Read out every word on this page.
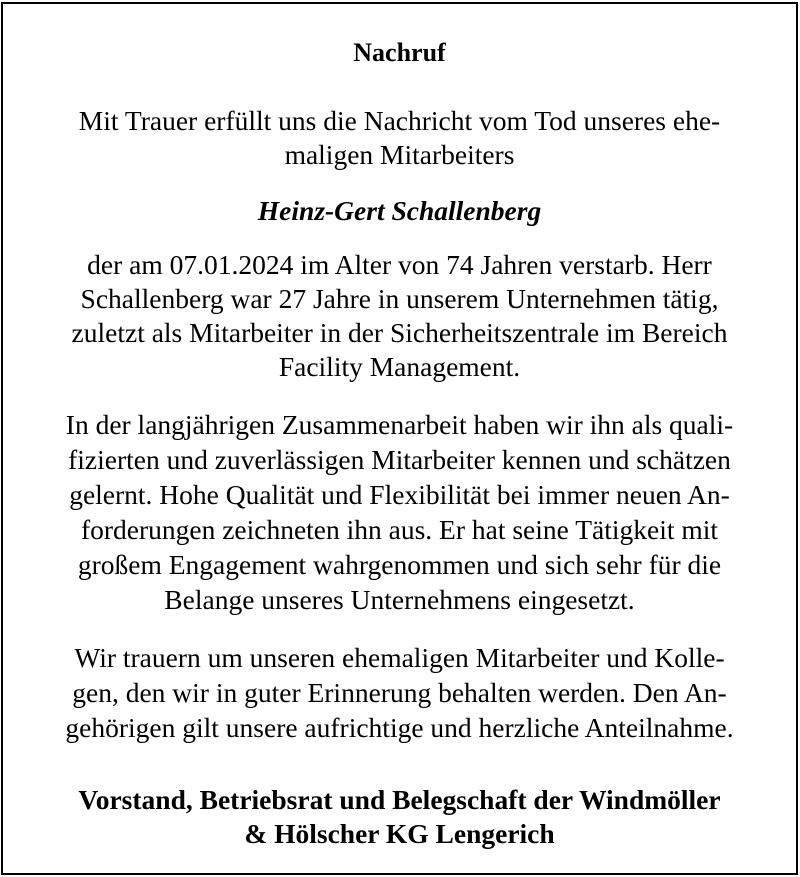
Nachruf
Mit Trauer erfüllt uns die Nachricht vom Tod unseres ehe-
maligen Mitarbeiters
Heinz-Gert Schallenberg
der am 07.01.2024 im Alter von 74 Jahren verstarb. Herr
Schallenberg war 27 Jahre in unserem Unternehmen tätig,
zuletzt als Mitarbeiter in der Sicherheitszentrale im Bereich
Facility Management.
In der langjährigen Zusammenarbeit haben wir ihn als quali-
fizierten und zuverlässigen Mitarbeiter kennen und schätzen
gelernt. Hohe Qualität und Flexibilität bei immer neuen An-
forderungen zeichneten ihn aus. Er hat seine Tätigkeit mit
großem Engagement wahrgenommen und sich sehr für die
Belange unseres Unternehmens eingesetzt.
Wir trauern um unseren ehemaligen Mitarbeiter und Kolle-
gen, den wir in guter Erinnerung behalten werden. Den An-
gehörigen gilt unsere aufrichtige und herzliche Anteilnahme.
Vorstand, Betriebsrat und Belegschaft der Windmöller
& Hölscher KG Lengerich
